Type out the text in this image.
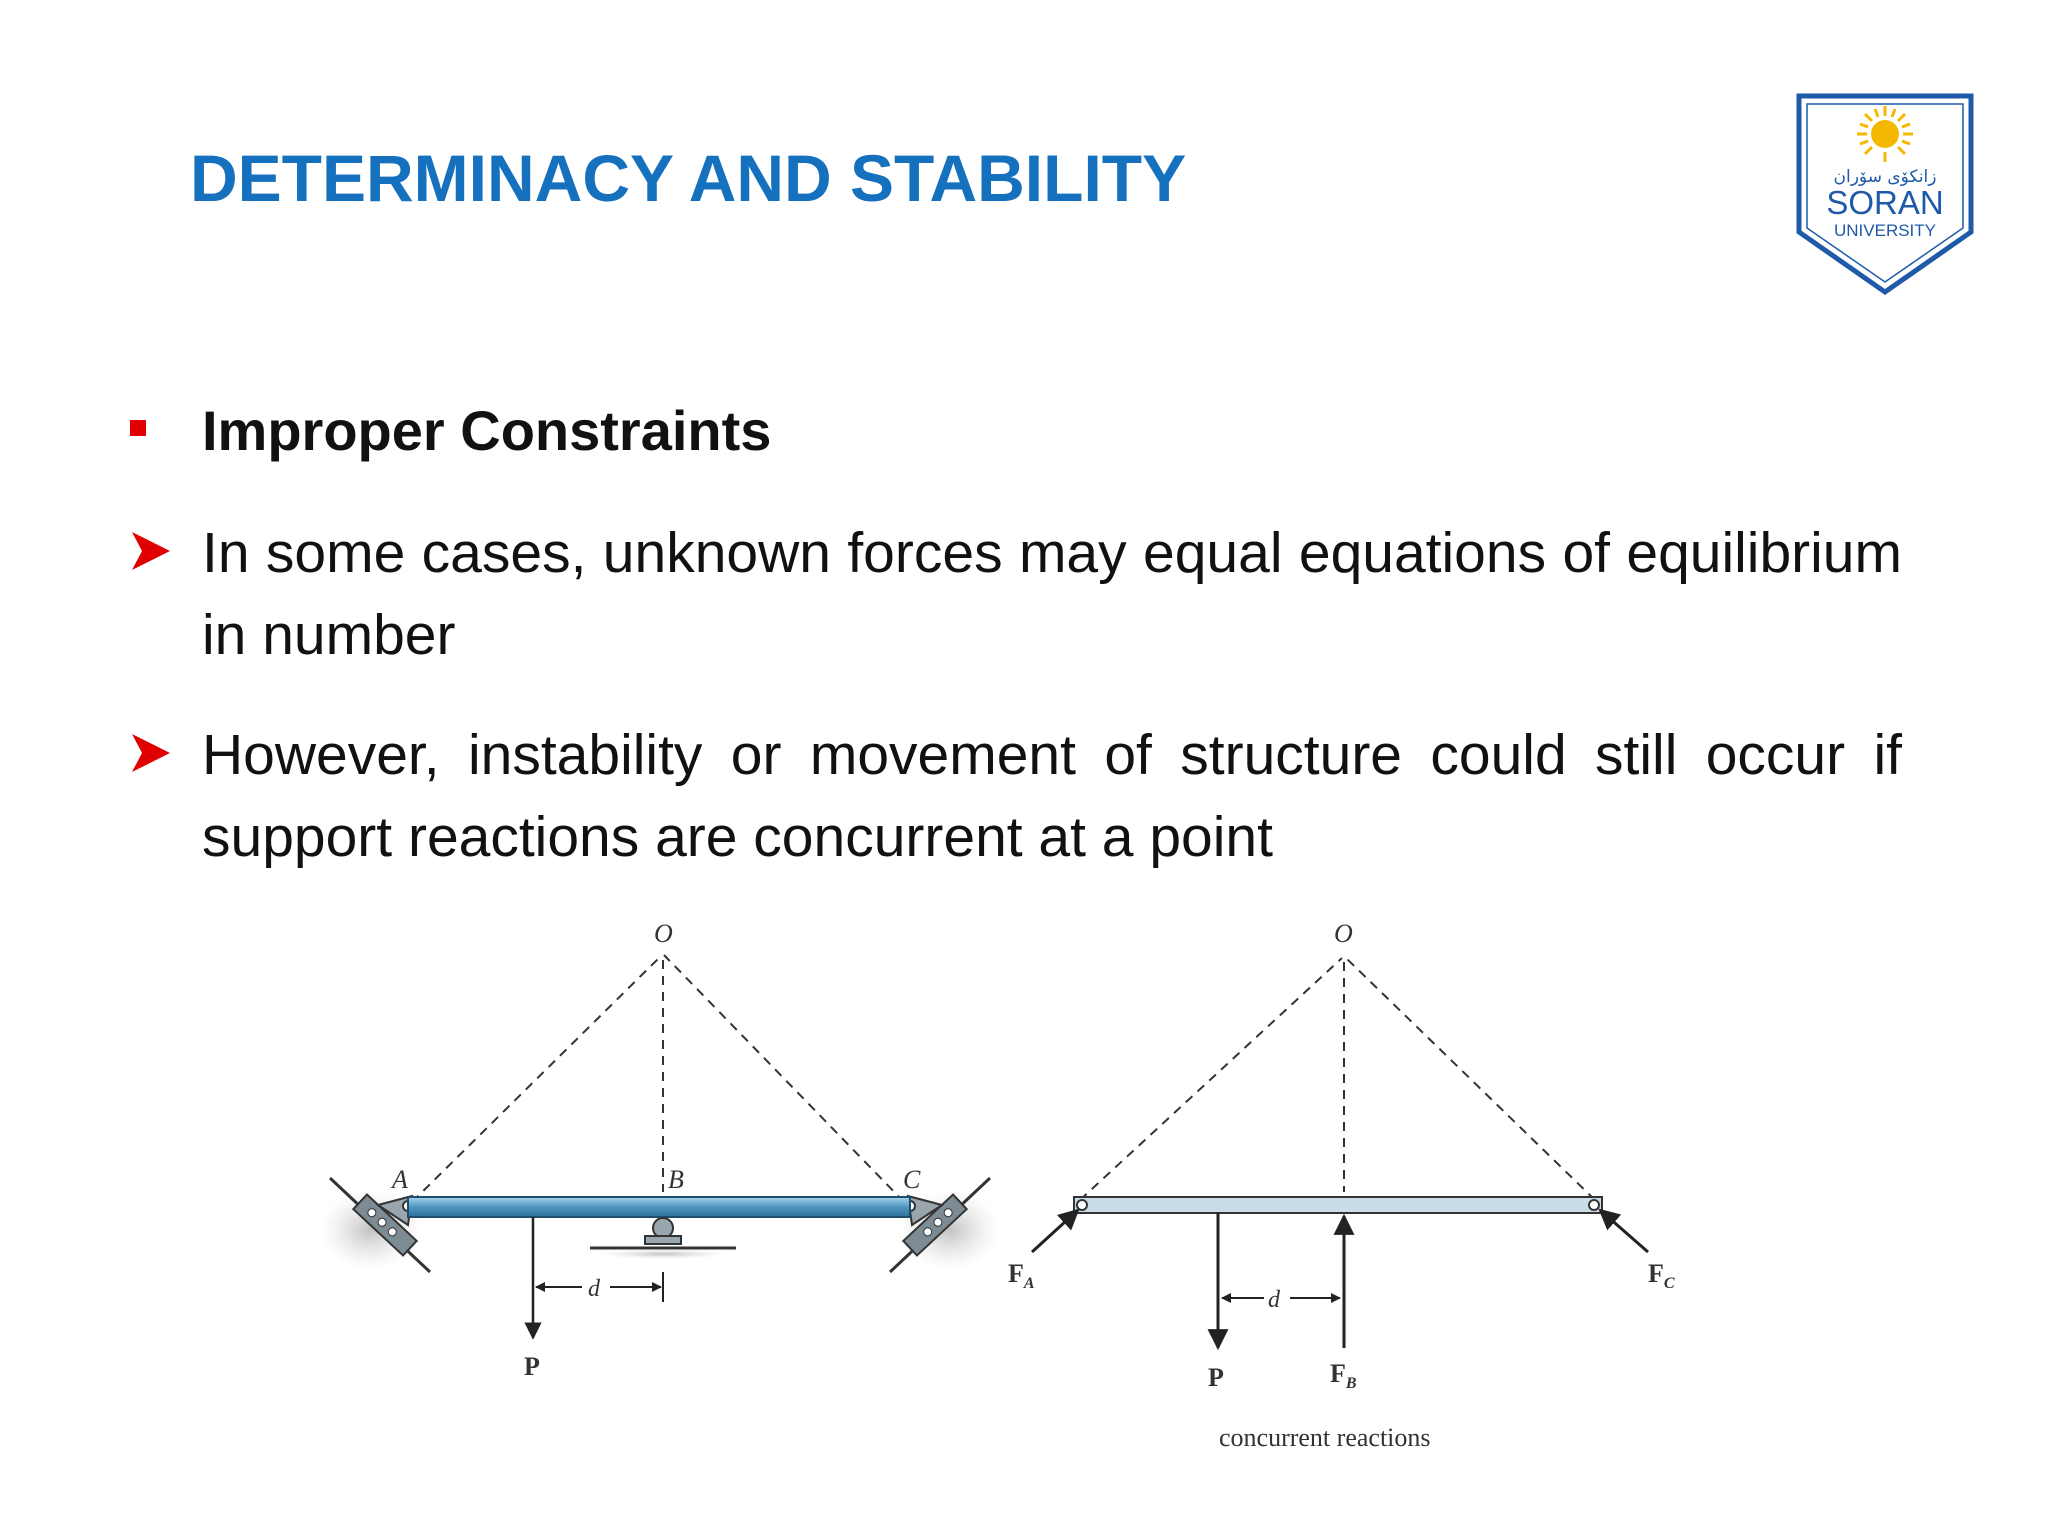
DETERMINACY AND STABILITY	زانکۆی سۆران
SORAN
UNIVERSITY
Improper Constraints
In some cases, unknown forces may equal equations of equilibrium in number
However, instability or movement of structure could still occur if support reactions are concurrent at a point
O
A	C
B
P
d
O
$F_A$	$F_C$
$F_B$
P
d
concurrent reactions
